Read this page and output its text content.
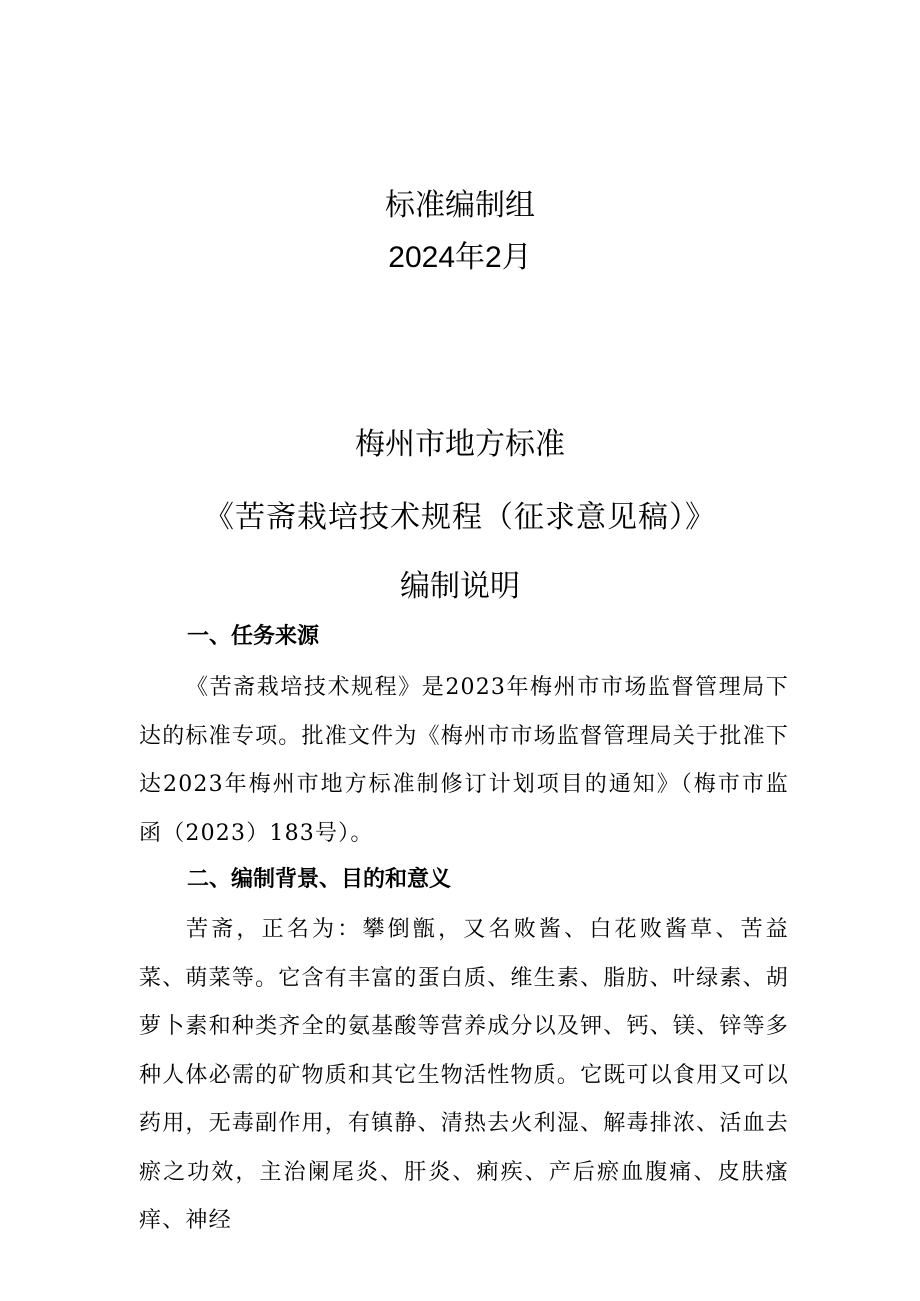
标准编制组
2024年2月
梅州市地方标准
《苦斋栽培技术规程（征求意见稿）》
编制说明
一、任务来源
《苦斋栽培技术规程》是2023年梅州市市场监督管理局下达的标准专项。批准文件为《梅州市市场监督管理局关于批准下达2023年梅州市地方标准制修订计划项目的通知》（梅市市监函（2023）183号）。
二、编制背景、目的和意义
苦斋，正名为：攀倒甑，又名败酱、白花败酱草、苦益菜、萌菜等。它含有丰富的蛋白质、维生素、脂肪、叶绿素、胡萝卜素和种类齐全的氨基酸等营养成分以及钾、钙、镁、锌等多种人体必需的矿物质和其它生物活性物质。它既可以食用又可以药用，无毒副作用，有镇静、清热去火利湿、解毒排浓、活血去瘀之功效，主治阑尾炎、肝炎、痢疾、产后瘀血腹痛、皮肤瘙痒、神经
